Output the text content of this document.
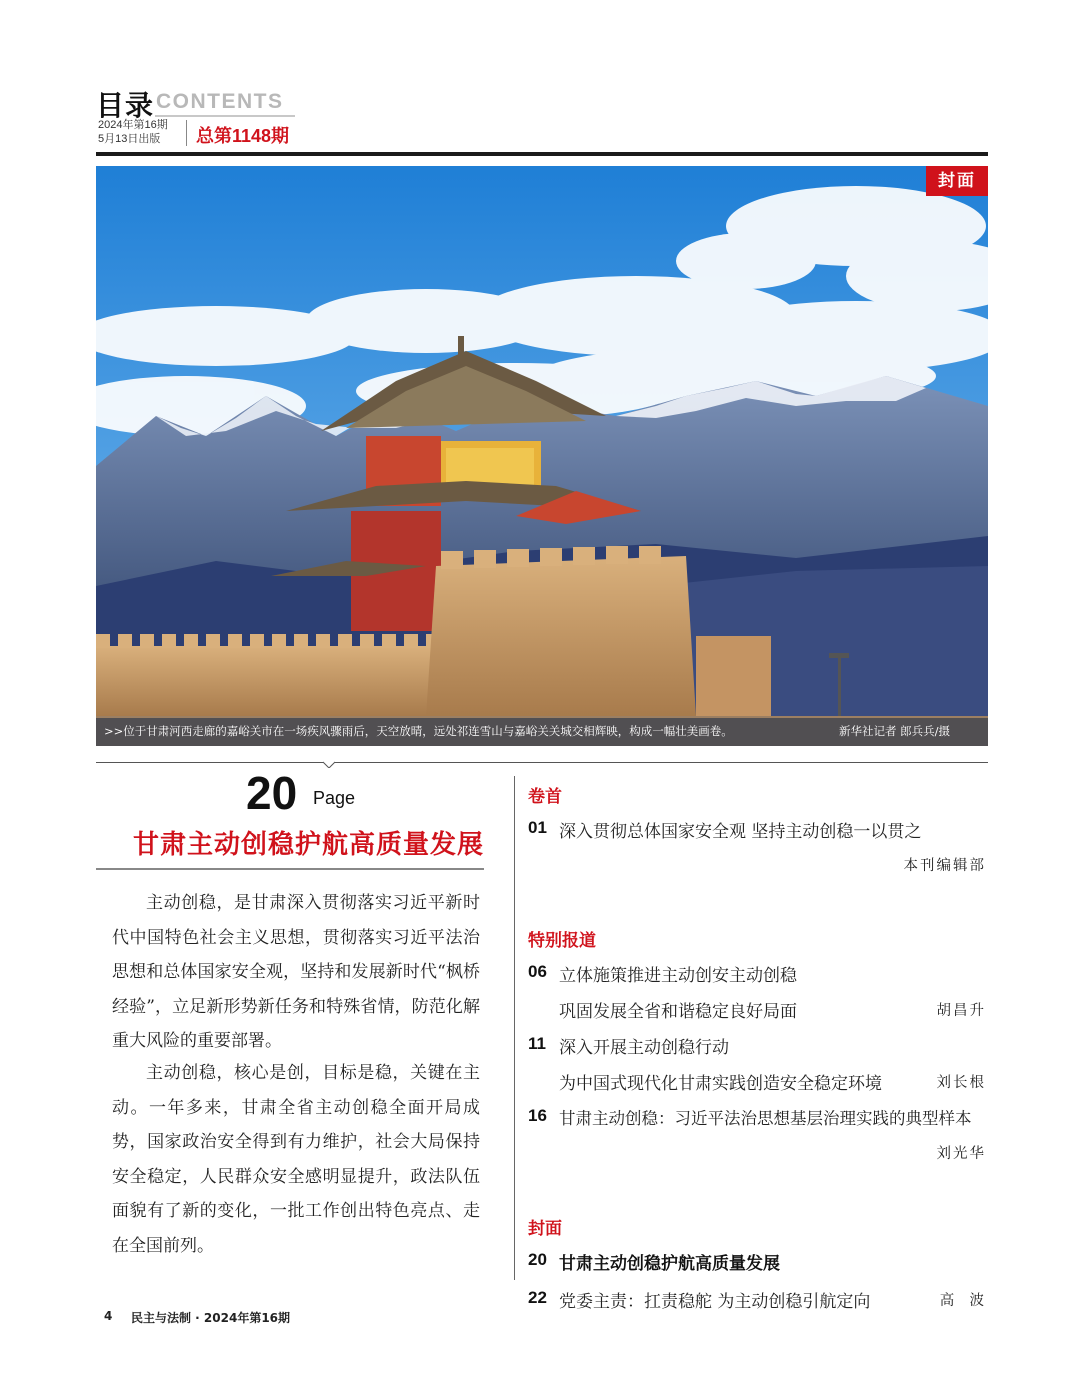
目录 CONTENTS
2024年第16期
5月13日出版	总第1148期
封面
>>位于甘肃河西走廊的嘉峪关市在一场疾风骤雨后，天空放晴，远处祁连雪山与嘉峪关关城交相辉映，构成一幅壮美画卷。	新华社记者 郎兵兵/摄
20 Page
甘肃主动创稳护航高质量发展

主动创稳，是甘肃深入贯彻落实习近平新时代中国特色社会主义思想，贯彻落实习近平法治思想和总体国家安全观，坚持和发展新时代“枫桥经验”，立足新形势新任务和特殊省情，防范化解重大风险的重要部署。

主动创稳，核心是创，目标是稳，关键在主动。一年多来，甘肃全省主动创稳全面开局成势，国家政治安全得到有力维护，社会大局保持安全稳定，人民群众安全感明显提升，政法队伍面貌有了新的变化，一批工作创出特色亮点、走在全国前列。

卷首
01 深入贯彻总体国家安全观 坚持主动创稳一以贯之
本刊编辑部
特别报道
06 立体施策推进主动创安主动创稳
巩固发展全省和谐稳定良好局面	胡昌升
11 深入开展主动创稳行动
为中国式现代化甘肃实践创造安全稳定环境	刘长根
16 甘肃主动创稳：习近平法治思想基层治理实践的典型样本
刘光华
封面
20 甘肃主动创稳护航高质量发展
22 党委主责：扛责稳舵 为主动创稳引航定向	高  波
4 民主与法制 · 2024年第16期
